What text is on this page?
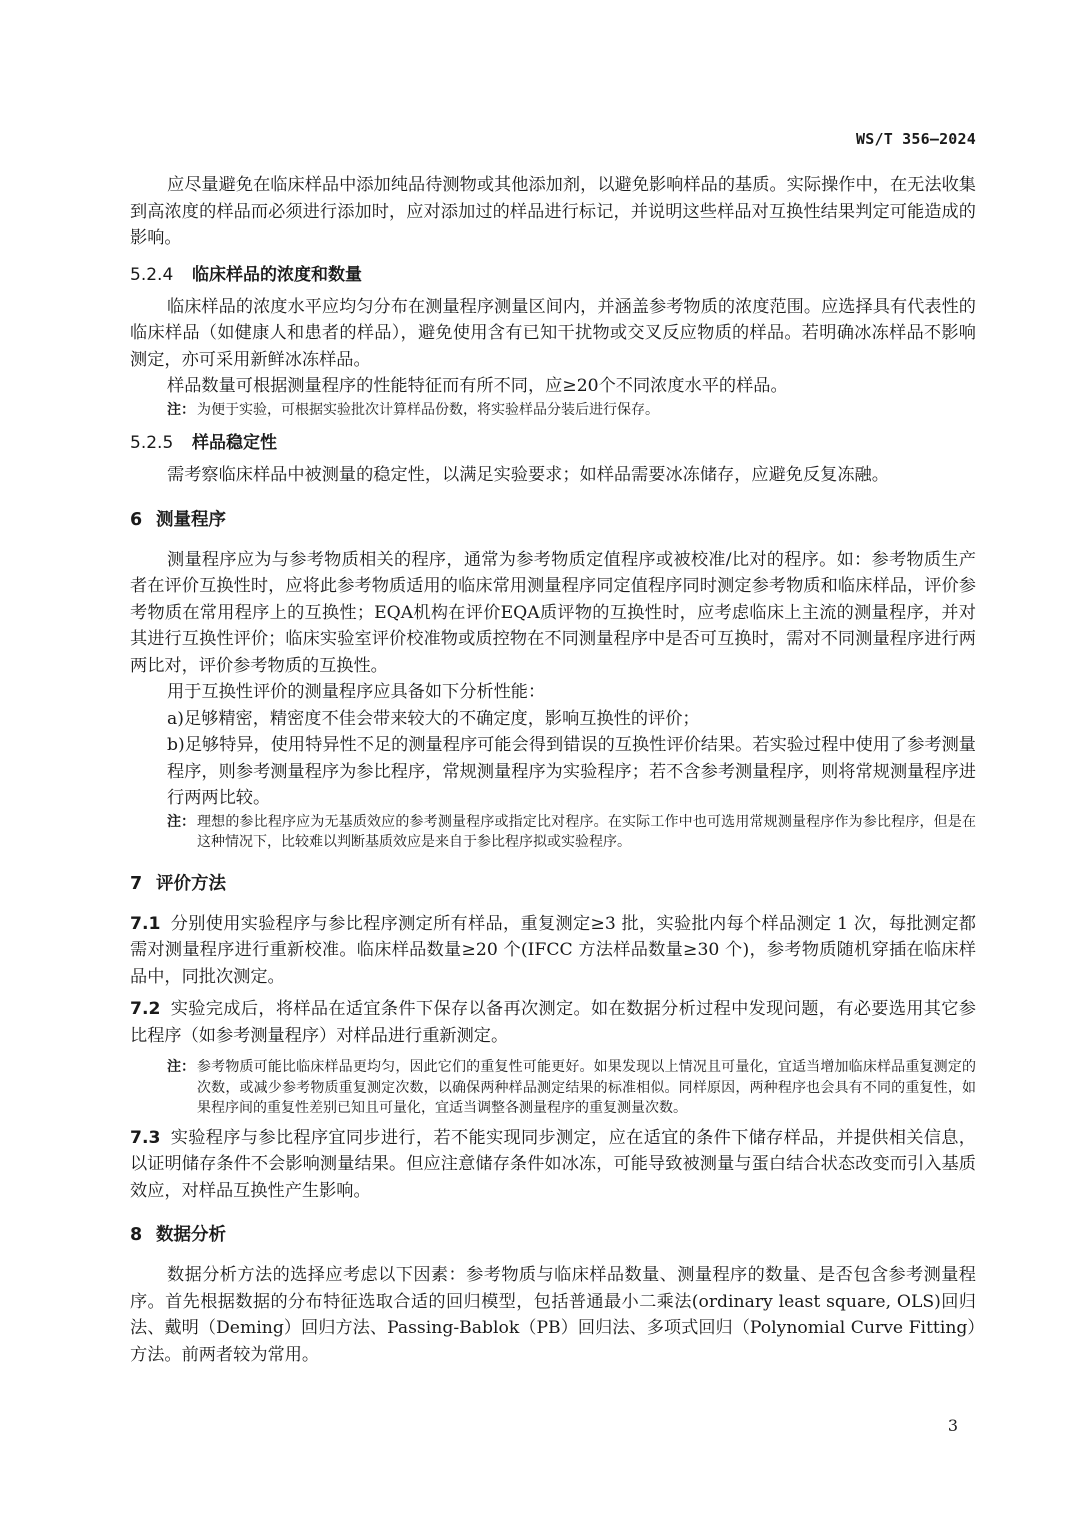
WS/T 356—2024

应尽量避免在临床样品中添加纯品待测物或其他添加剂，以避免影响样品的基质。实际操作中，在无法收集到高浓度的样品而必须进行添加时，应对添加过的样品进行标记，并说明这些样品对互换性结果判定可能造成的影响。

5.2.4 临床样品的浓度和数量

临床样品的浓度水平应均匀分布在测量程序测量区间内，并涵盖参考物质的浓度范围。应选择具有代表性的临床样品（如健康人和患者的样品），避免使用含有已知干扰物或交叉反应物质的样品。若明确冰冻样品不影响测定，亦可采用新鲜冰冻样品。

样品数量可根据测量程序的性能特征而有所不同，应≥20个不同浓度水平的样品。

注： 为便于实验，可根据实验批次计算样品份数，将实验样品分装后进行保存。
5.2.5 样品稳定性

需考察临床样品中被测量的稳定性，以满足实验要求；如样品需要冰冻储存，应避免反复冻融。

6 测量程序

测量程序应为与参考物质相关的程序，通常为参考物质定值程序或被校准/比对的程序。如：参考物质生产者在评价互换性时，应将此参考物质适用的临床常用测量程序同定值程序同时测定参考物质和临床样品，评价参考物质在常用程序上的互换性；EQA机构在评价EQA质评物的互换性时，应考虑临床上主流的测量程序，并对其进行互换性评价；临床实验室评价校准物或质控物在不同测量程序中是否可互换时，需对不同测量程序进行两两比对，评价参考物质的互换性。

用于互换性评价的测量程序应具备如下分析性能：

a)足够精密，精密度不佳会带来较大的不确定度，影响互换性的评价；

b)足够特异，使用特异性不足的测量程序可能会得到错误的互换性评价结果。若实验过程中使用了参考测量程序，则参考测量程序为参比程序，常规测量程序为实验程序；若不含参考测量程序，则将常规测量程序进行两两比较。

注： 理想的参比程序应为无基质效应的参考测量程序或指定比对程序。在实际工作中也可选用常规测量程序作为参比程序，但是在这种情况下，比较难以判断基质效应是来自于参比程序拟或实验程序。
7 评价方法

7.1 分别使用实验程序与参比程序测定所有样品，重复测定≥3 批，实验批内每个样品测定 1 次，每批测定都需对测量程序进行重新校准。临床样品数量≥20 个(IFCC 方法样品数量≥30 个)，参考物质随机穿插在临床样品中，同批次测定。

7.2 实验完成后，将样品在适宜条件下保存以备再次测定。如在数据分析过程中发现问题，有必要选用其它参比程序（如参考测量程序）对样品进行重新测定。

注： 参考物质可能比临床样品更均匀，因此它们的重复性可能更好。如果发现以上情况且可量化，宜适当增加临床样品重复测定的次数，或减少参考物质重复测定次数，以确保两种样品测定结果的标准相似。同样原因，两种程序也会具有不同的重复性，如果程序间的重复性差别已知且可量化，宜适当调整各测量程序的重复测量次数。

7.3 实验程序与参比程序宜同步进行，若不能实现同步测定，应在适宜的条件下储存样品，并提供相关信息，以证明储存条件不会影响测量结果。但应注意储存条件如冰冻，可能导致被测量与蛋白结合状态改变而引入基质效应，对样品互换性产生影响。

8 数据分析

数据分析方法的选择应考虑以下因素：参考物质与临床样品数量、测量程序的数量、是否包含参考测量程序。首先根据数据的分布特征选取合适的回归模型，包括普通最小二乘法(ordinary least square, OLS)回归法、戴明（Deming）回归方法、Passing-Bablok（PB）回归法、多项式回归（Polynomial Curve Fitting）方法。前两者较为常用。

3
